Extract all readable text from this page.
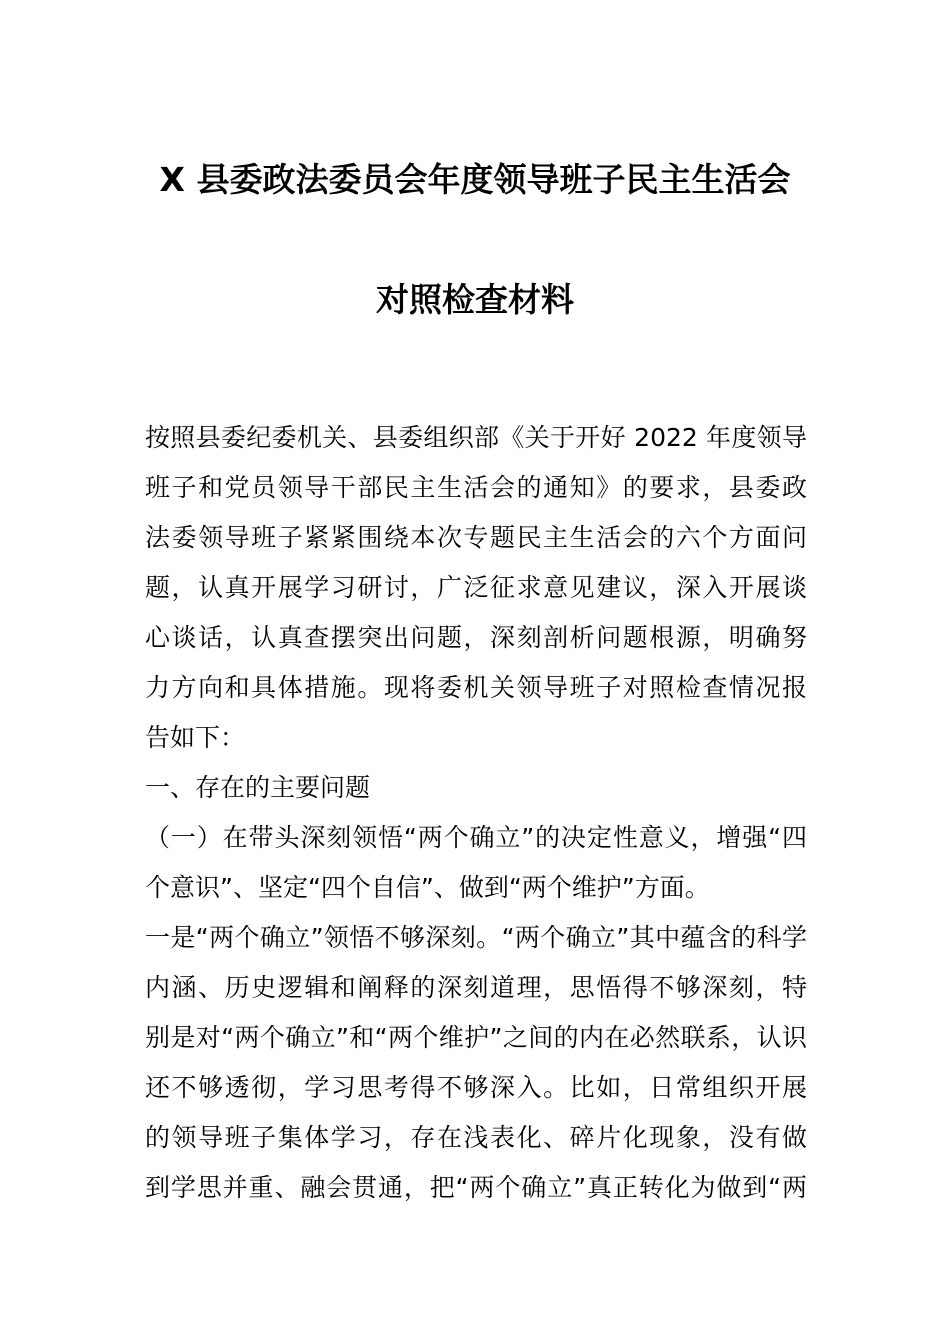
X 县委政法委员会年度领导班子民主生活会
对照检查材料
按照县委纪委机关、县委组织部《关于开好 2022 年度领导
班子和党员领导干部民主生活会的通知》的要求，县委政
法委领导班子紧紧围绕本次专题民主生活会的六个方面问
题，认真开展学习研讨，广泛征求意见建议，深入开展谈
心谈话，认真查摆突出问题，深刻剖析问题根源，明确努
力方向和具体措施。现将委机关领导班子对照检查情况报
告如下：
一、存在的主要问题
（一）在带头深刻领悟“两个确立”的决定性意义，增强“四
个意识”、坚定“四个自信”、做到“两个维护”方面。
一是“两个确立”领悟不够深刻。“两个确立”其中蕴含的科学
内涵、历史逻辑和阐释的深刻道理，思悟得不够深刻，特
别是对“两个确立”和“两个维护”之间的内在必然联系，认识
还不够透彻，学习思考得不够深入。比如，日常组织开展
的领导班子集体学习，存在浅表化、碎片化现象，没有做
到学思并重、融会贯通，把“两个确立”真正转化为做到“两
